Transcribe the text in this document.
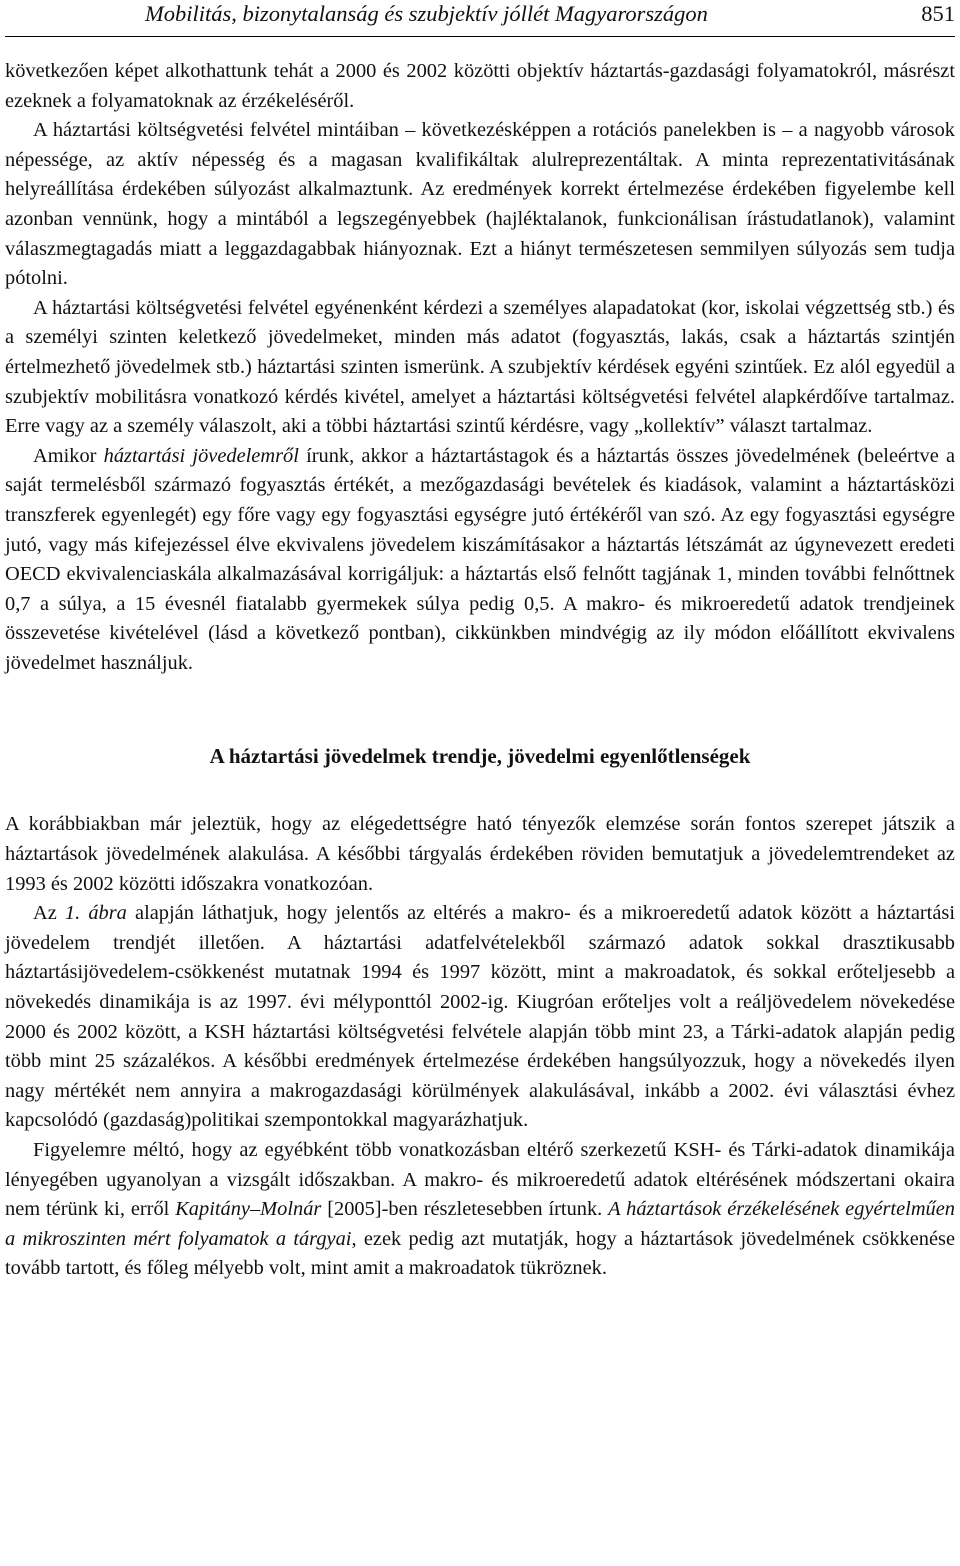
Mobilitás, bizonytalanság és szubjektív jóllét Magyarországon	851

következően képet alkothattunk tehát a 2000 és 2002 közötti objektív háztartás-gazdasági folyamatokról, másrészt ezeknek a folyamatoknak az érzékeléséről.

A háztartási költségvetési felvétel mintáiban – következésképpen a rotációs panelekben is – a nagyobb városok népessége, az aktív népesség és a magasan kvalifikáltak alulreprezentáltak. A minta reprezentativitásának helyreállítása érdekében súlyozást alkalmaztunk. Az eredmények korrekt értelmezése érdekében figyelembe kell azonban vennünk, hogy a mintából a legszegényebbek (hajléktalanok, funkcionálisan írástudatlanok), valamint válaszmegtagadás miatt a leggazdagabbak hiányoznak. Ezt a hiányt természetesen semmilyen súlyozás sem tudja pótolni.

A háztartási költségvetési felvétel egyénenként kérdezi a személyes alapadatokat (kor, iskolai végzettség stb.) és a személyi szinten keletkező jövedelmeket, minden más adatot (fogyasztás, lakás, csak a háztartás szintjén értelmezhető jövedelmek stb.) háztartási szinten ismerünk. A szubjektív kérdések egyéni szintűek. Ez alól egyedül a szubjektív mobilitásra vonatkozó kérdés kivétel, amelyet a háztartási költségvetési felvétel alapkérdőíve tartalmaz. Erre vagy az a személy válaszolt, aki a többi háztartási szintű kérdésre, vagy „kollektív” választ tartalmaz.

Amikor háztartási jövedelemről írunk, akkor a háztartástagok és a háztartás összes jövedelmének (beleértve a saját termelésből származó fogyasztás értékét, a mezőgazdasági bevételek és kiadások, valamint a háztartásközi transzferek egyenlegét) egy főre vagy egy fogyasztási egységre jutó értékéről van szó. Az egy fogyasztási egységre jutó, vagy más kifejezéssel élve ekvivalens jövedelem kiszámításakor a háztartás létszámát az úgynevezett eredeti OECD ekvivalenciaskála alkalmazásával korrigáljuk: a háztartás első felnőtt tagjának 1, minden további felnőttnek 0,7 a súlya, a 15 évesnél fiatalabb gyermekek súlya pedig 0,5. A makro- és mikroeredetű adatok trendjeinek összevetése kivételével (lásd a következő pontban), cikkünkben mindvégig az ily módon előállított ekvivalens jövedelmet használjuk.

A háztartási jövedelmek trendje, jövedelmi egyenlőtlenségek

A korábbiakban már jeleztük, hogy az elégedettségre ható tényezők elemzése során fontos szerepet játszik a háztartások jövedelmének alakulása. A későbbi tárgyalás érdekében röviden bemutatjuk a jövedelemtrendeket az 1993 és 2002 közötti időszakra vonatkozóan.

Az 1. ábra alapján láthatjuk, hogy jelentős az eltérés a makro- és a mikroeredetű adatok között a háztartási jövedelem trendjét illetően. A háztartási adatfelvételekből származó adatok sokkal drasztikusabb háztartásijövedelem-csökkenést mutatnak 1994 és 1997 között, mint a makroadatok, és sokkal erőteljesebb a növekedés dinamikája is az 1997. évi mélyponttól 2002-ig. Kiugróan erőteljes volt a reáljövedelem növekedése 2000 és 2002 között, a KSH háztartási költségvetési felvétele alapján több mint 23, a Tárki-adatok alapján pedig több mint 25 százalékos. A későbbi eredmények értelmezése érdekében hangsúlyozzuk, hogy a növekedés ilyen nagy mértékét nem annyira a makrogazdasági körülmények alakulásával, inkább a 2002. évi választási évhez kapcsolódó (gazdaság)politikai szempontokkal magyarázhatjuk.

Figyelemre méltó, hogy az egyébként több vonatkozásban eltérő szerkezetű KSH- és Tárki-adatok dinamikája lényegében ugyanolyan a vizsgált időszakban. A makro- és mikroeredetű adatok eltérésének módszertani okaira nem térünk ki, erről Kapitány–Molnár [2005]-ben részletesebben írtunk. A háztartások érzékelésének egyértelműen a mikroszinten mért folyamatok a tárgyai, ezek pedig azt mutatják, hogy a háztartások jövedelmének csökkenése tovább tartott, és főleg mélyebb volt, mint amit a makroadatok tükröznek.
